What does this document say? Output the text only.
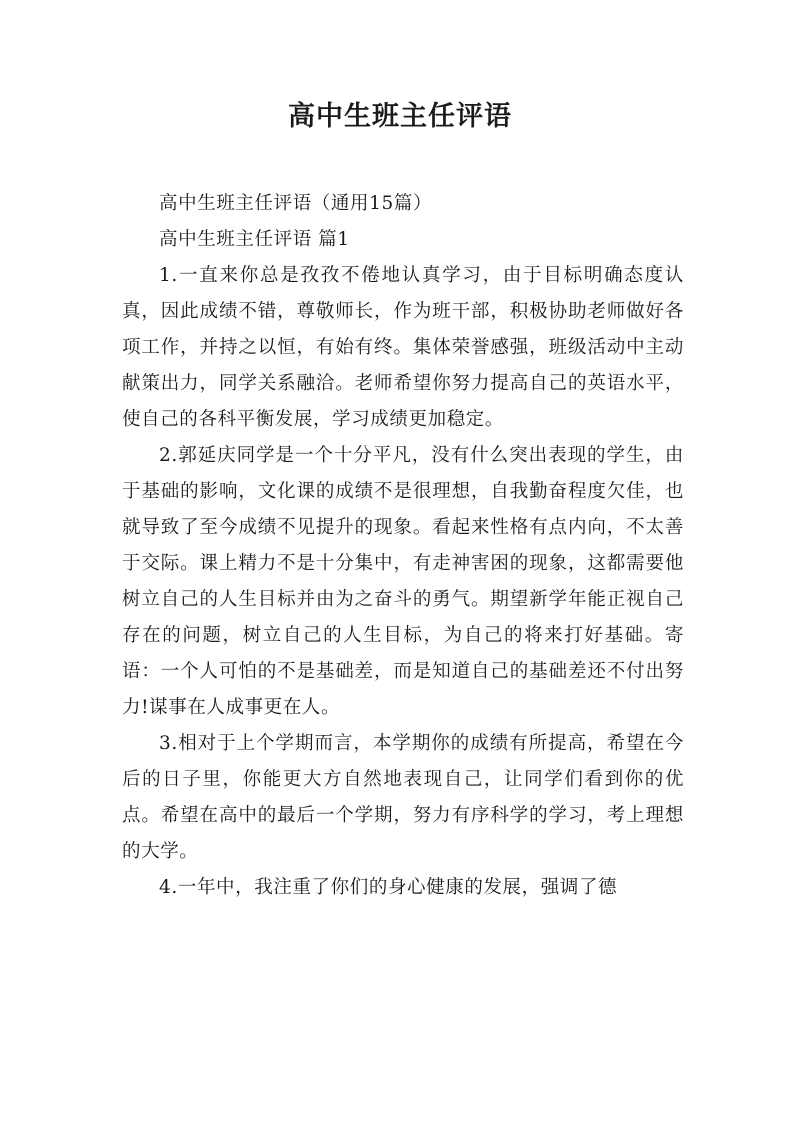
高中生班主任评语

高中生班主任评语（通用15篇）

高中生班主任评语 篇1

1.一直来你总是孜孜不倦地认真学习，由于目标明确态度认真，因此成绩不错，尊敬师长，作为班干部，积极协助老师做好各项工作，并持之以恒，有始有终。集体荣誉感强，班级活动中主动献策出力，同学关系融洽。老师希望你努力提高自己的英语水平，使自己的各科平衡发展，学习成绩更加稳定。

2.郭延庆同学是一个十分平凡，没有什么突出表现的学生，由于基础的影响，文化课的成绩不是很理想，自我勤奋程度欠佳，也就导致了至今成绩不见提升的现象。看起来性格有点内向，不太善于交际。课上精力不是十分集中，有走神害困的现象，这都需要他树立自己的人生目标并由为之奋斗的勇气。期望新学年能正视自己存在的问题，树立自己的人生目标，为自己的将来打好基础。寄语：一个人可怕的不是基础差，而是知道自己的基础差还不付出努力!谋事在人成事更在人。

3.相对于上个学期而言，本学期你的成绩有所提高，希望在今后的日子里，你能更大方自然地表现自己，让同学们看到你的优点。希望在高中的最后一个学期，努力有序科学的学习，考上理想的大学。

4.一年中，我注重了你们的身心健康的发展，强调了德
